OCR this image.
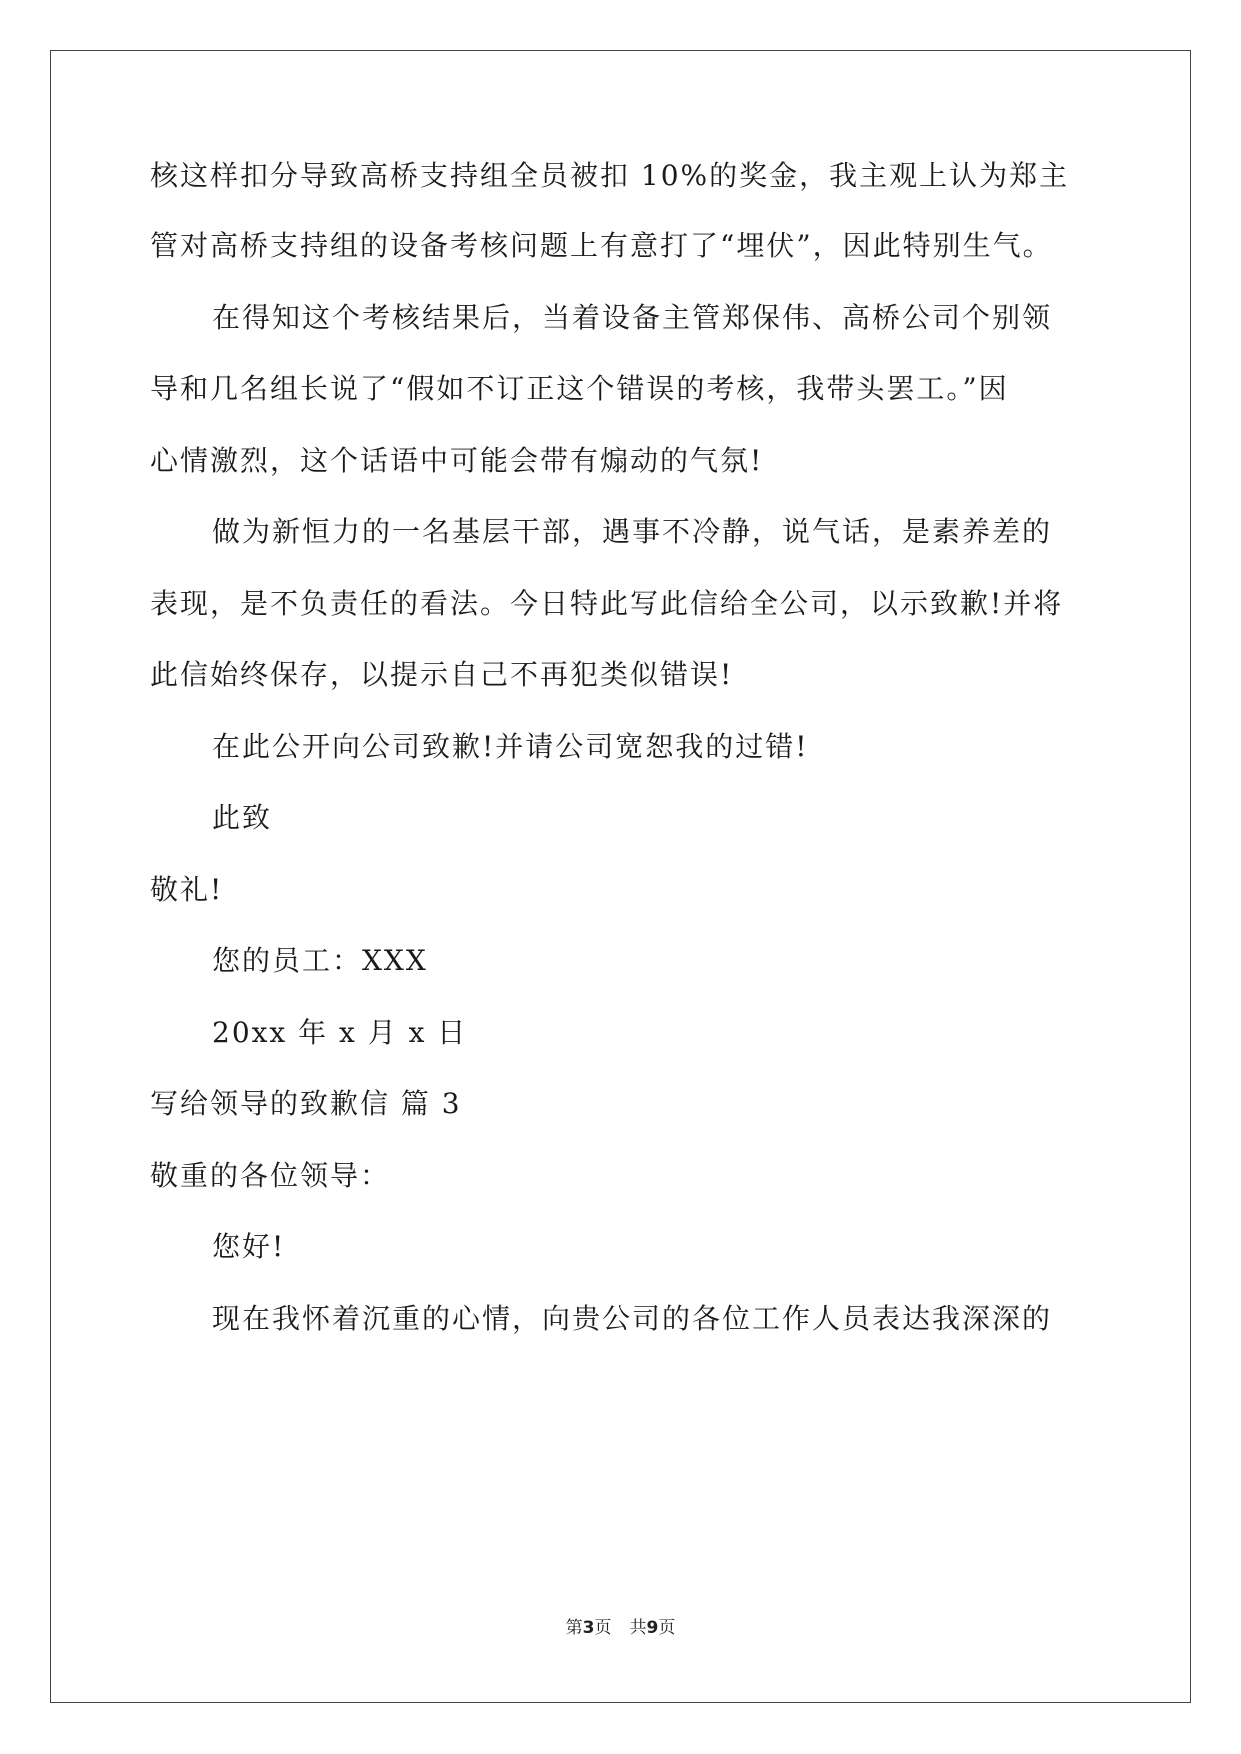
核这样扣分导致高桥支持组全员被扣 10%的奖金，我主观上认为郑主
管对高桥支持组的设备考核问题上有意打了“埋伏”，因此特别生气。
在得知这个考核结果后，当着设备主管郑保伟、高桥公司个别领
导和几名组长说了“假如不订正这个错误的考核，我带头罢工。”因
心情激烈，这个话语中可能会带有煽动的气氛!
做为新恒力的一名基层干部，遇事不冷静，说气话，是素养差的
表现，是不负责任的看法。今日特此写此信给全公司，以示致歉!并将
此信始终保存，以提示自己不再犯类似错误!
在此公开向公司致歉!并请公司宽恕我的过错!
此致
敬礼!
您的员工：XXX
20xx 年 x 月 x 日
写给领导的致歉信 篇 3
敬重的各位领导：
您好!
现在我怀着沉重的心情，向贵公司的各位工作人员表达我深深的
第3页 共9页
